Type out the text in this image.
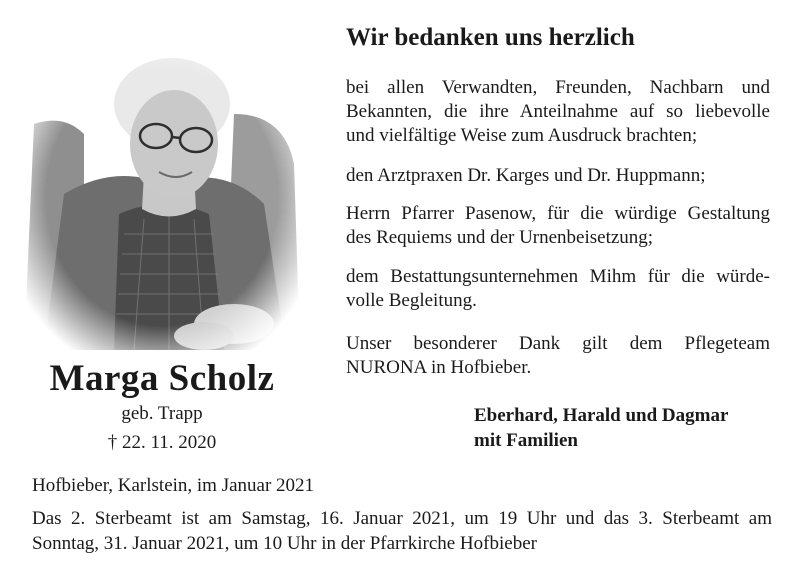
Marga Scholz
geb. Trapp
† 22. 11. 2020
Wir bedanken uns herzlich
bei allen Verwandten, Freunden, Nachbarn und
Bekannten, die ihre Anteilnahme auf so liebevolle
und vielfältige Weise zum Ausdruck brachten;
den Arztpraxen Dr. Karges und Dr. Huppmann;
Herrn Pfarrer Pasenow, für die würdige Gestaltung
des Requiems und der Urnenbeisetzung;
dem Bestattungsunternehmen Mihm für die würde-
volle Begleitung.
Unser besonderer Dank gilt dem Pflegeteam
NURONA in Hofbieber.
Eberhard, Harald und Dagmar
mit Familien
Hofbieber, Karlstein, im Januar 2021
Das 2. Sterbeamt ist am Samstag, 16. Januar 2021, um 19 Uhr und das 3. Sterbeamt am
Sonntag, 31. Januar 2021, um 10 Uhr in der Pfarrkirche Hofbieber
